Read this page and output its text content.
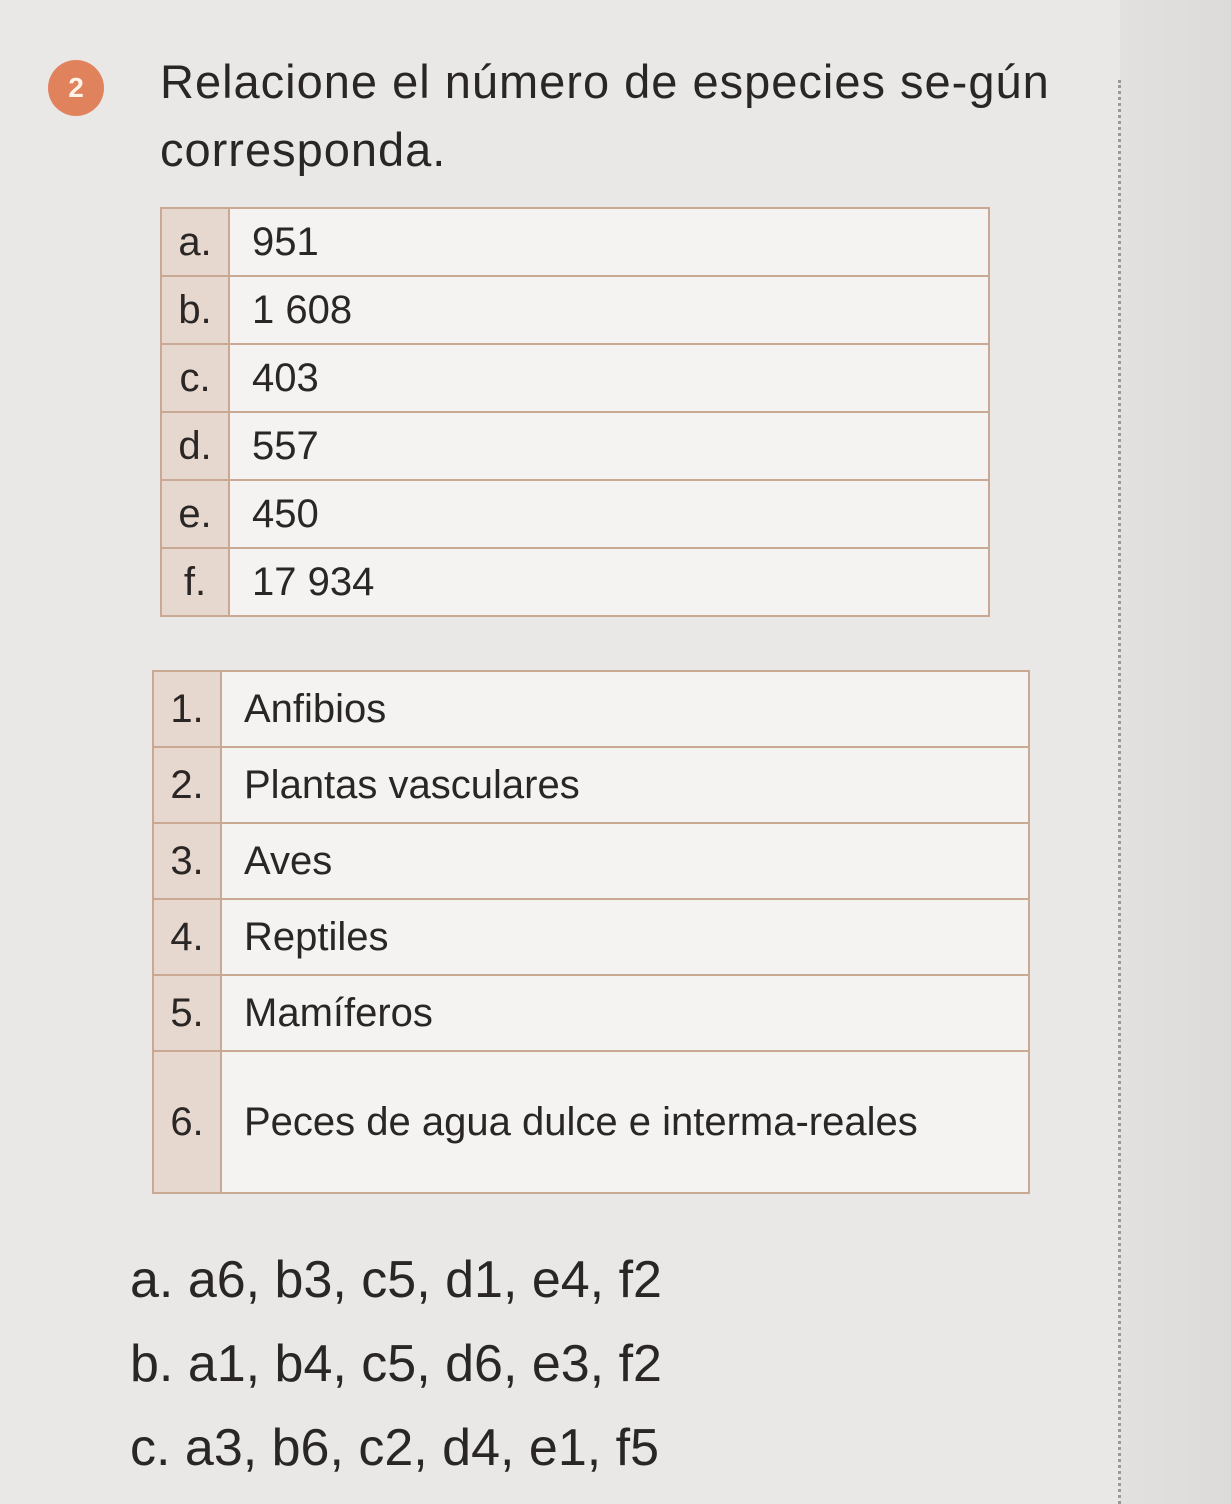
2	Relacione el número de especies se-gún corresponda.
a.	951
b.	1 608
c.	403
d.	557
e.	450
f.	17 934
1.	Anfibios
2.	Plantas vasculares
3.	Aves
4.	Reptiles
5.	Mamíferos
6.	Peces de agua dulce e interma-reales
a. a6, b3, c5, d1, e4, f2
b. a1, b4, c5, d6, e3, f2
c. a3, b6, c2, d4, e1, f5
